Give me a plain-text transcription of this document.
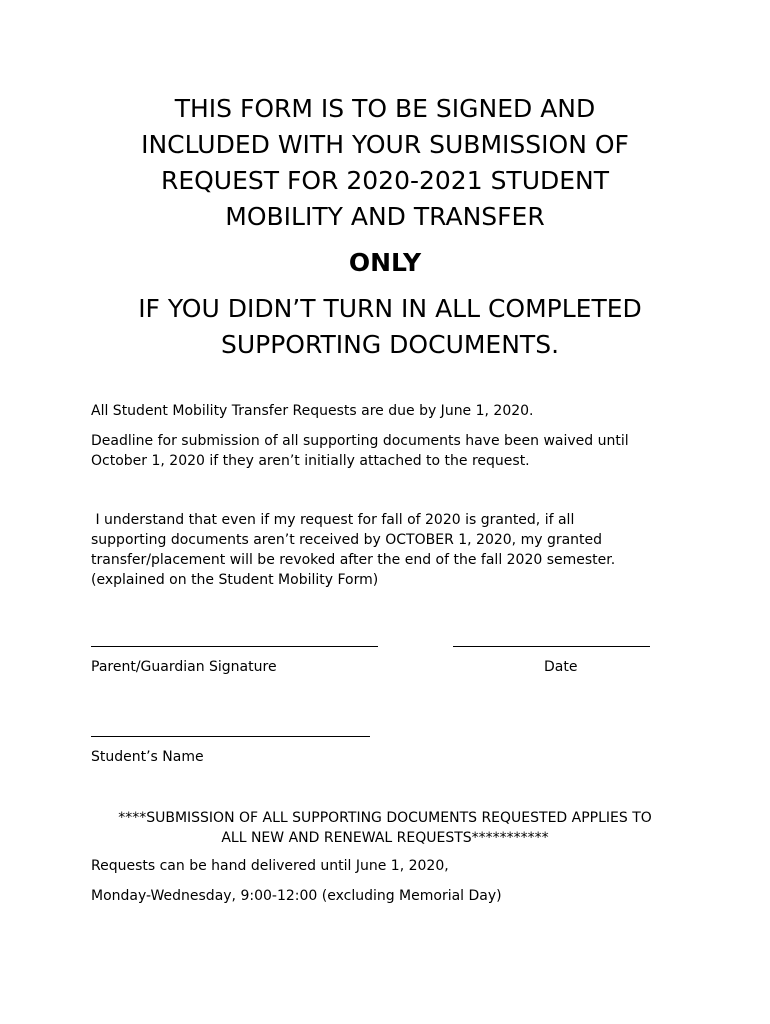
THIS FORM IS TO BE SIGNED AND
INCLUDED WITH YOUR SUBMISSION OF
REQUEST FOR 2020-2021 STUDENT
MOBILITY AND TRANSFER
ONLY
IF YOU DIDN’T TURN IN ALL COMPLETED
SUPPORTING DOCUMENTS.

All Student Mobility Transfer Requests are due by June 1, 2020.

Deadline for submission of all supporting documents have been waived until
October 1, 2020 if they aren’t initially attached to the request.

I understand that even if my request for fall of 2020 is granted, if all
supporting documents aren’t received by OCTOBER 1, 2020, my granted
transfer/placement will be revoked after the end of the fall 2020 semester.
(explained on the Student Mobility Form)

Parent/Guardian Signature	Date
Student’s Name
****SUBMISSION OF ALL SUPPORTING DOCUMENTS REQUESTED APPLIES TO
ALL NEW AND RENEWAL REQUESTS***********

Requests can be hand delivered until June 1, 2020,

Monday-Wednesday, 9:00-12:00 (excluding Memorial Day)
